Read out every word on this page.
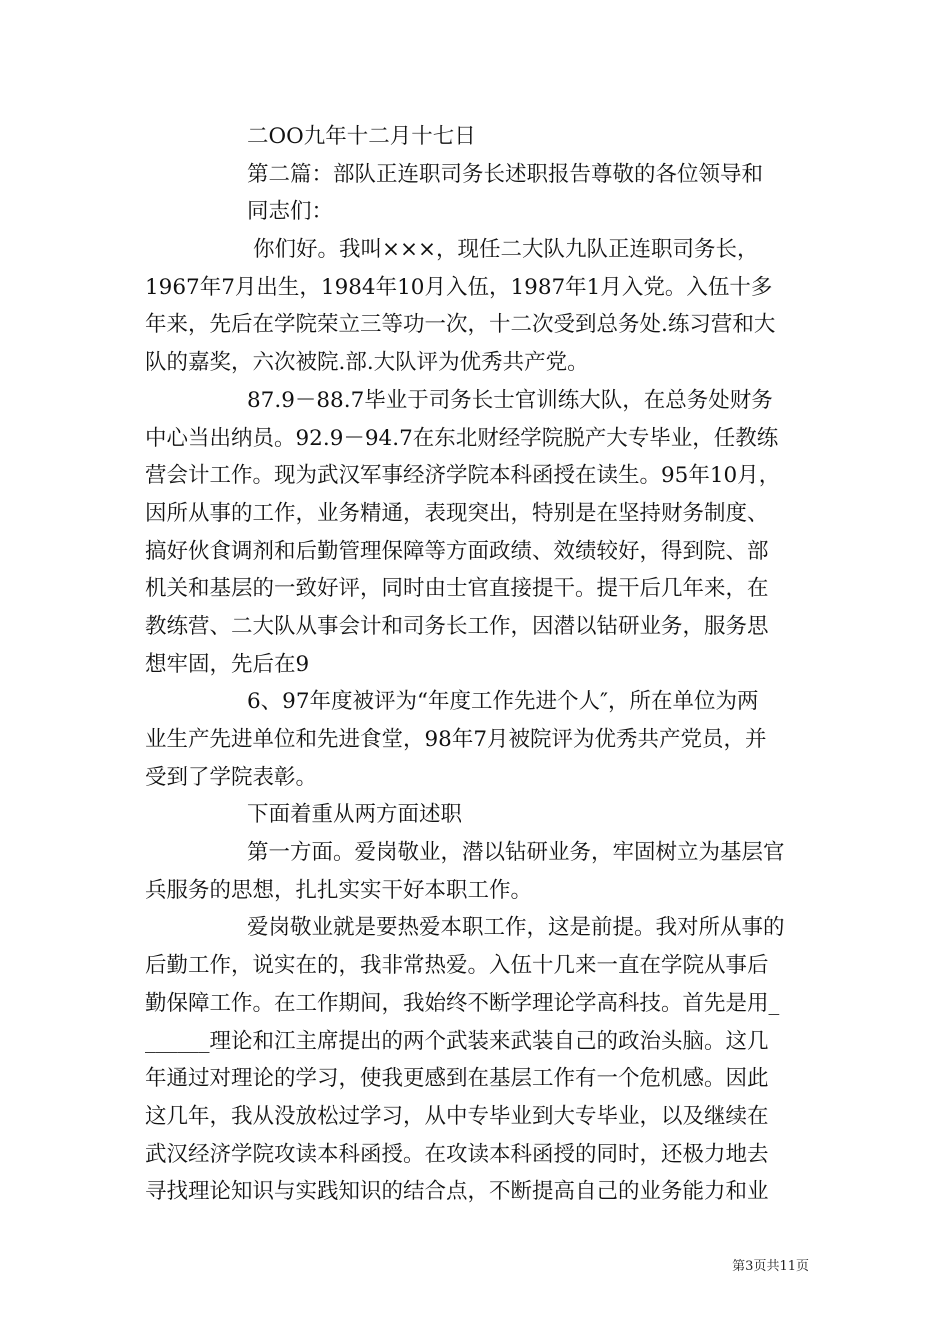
二OO九年十二月十七日
第二篇：部队正连职司务长述职报告尊敬的各位领导和
同志们：
你们好。我叫×××，现任二大队九队正连职司务长，
1967年7月出生，1984年10月入伍，1987年1月入党。入伍十多
年来，先后在学院荣立三等功一次，十二次受到总务处.练习营和大
队的嘉奖，六次被院.部.大队评为优秀共产党。
87.9－88.7毕业于司务长士官训练大队，在总务处财务
中心当出纳员。92.9－94.7在东北财经学院脱产大专毕业，任教练
营会计工作。现为武汉军事经济学院本科函授在读生。95年10月，
因所从事的工作，业务精通，表现突出，特别是在坚持财务制度、
搞好伙食调剂和后勤管理保障等方面政绩、效绩较好，得到院、部
机关和基层的一致好评，同时由士官直接提干。提干后几年来，在
教练营、二大队从事会计和司务长工作，因潜以钻研业务，服务思
想牢固，先后在9
6、97年度被评为“年度工作先进个人″，所在单位为两
业生产先进单位和先进食堂，98年7月被院评为优秀共产党员，并
受到了学院表彰。
下面着重从两方面述职
第一方面。爱岗敬业，潜以钻研业务，牢固树立为基层官
兵服务的思想，扎扎实实干好本职工作。
爱岗敬业就是要热爱本职工作，这是前提。我对所从事的
后勤工作，说实在的，我非常热爱。入伍十几来一直在学院从事后
勤保障工作。在工作期间，我始终不断学理论学高科技。首先是用_
______理论和江主席提出的两个武装来武装自己的政治头脑。这几
年通过对理论的学习，使我更感到在基层工作有一个危机感。因此
这几年，我从没放松过学习，从中专毕业到大专毕业，以及继续在
武汉经济学院攻读本科函授。在攻读本科函授的同时，还极力地去
寻找理论知识与实践知识的结合点，不断提高自己的业务能力和业
第3页共11页
